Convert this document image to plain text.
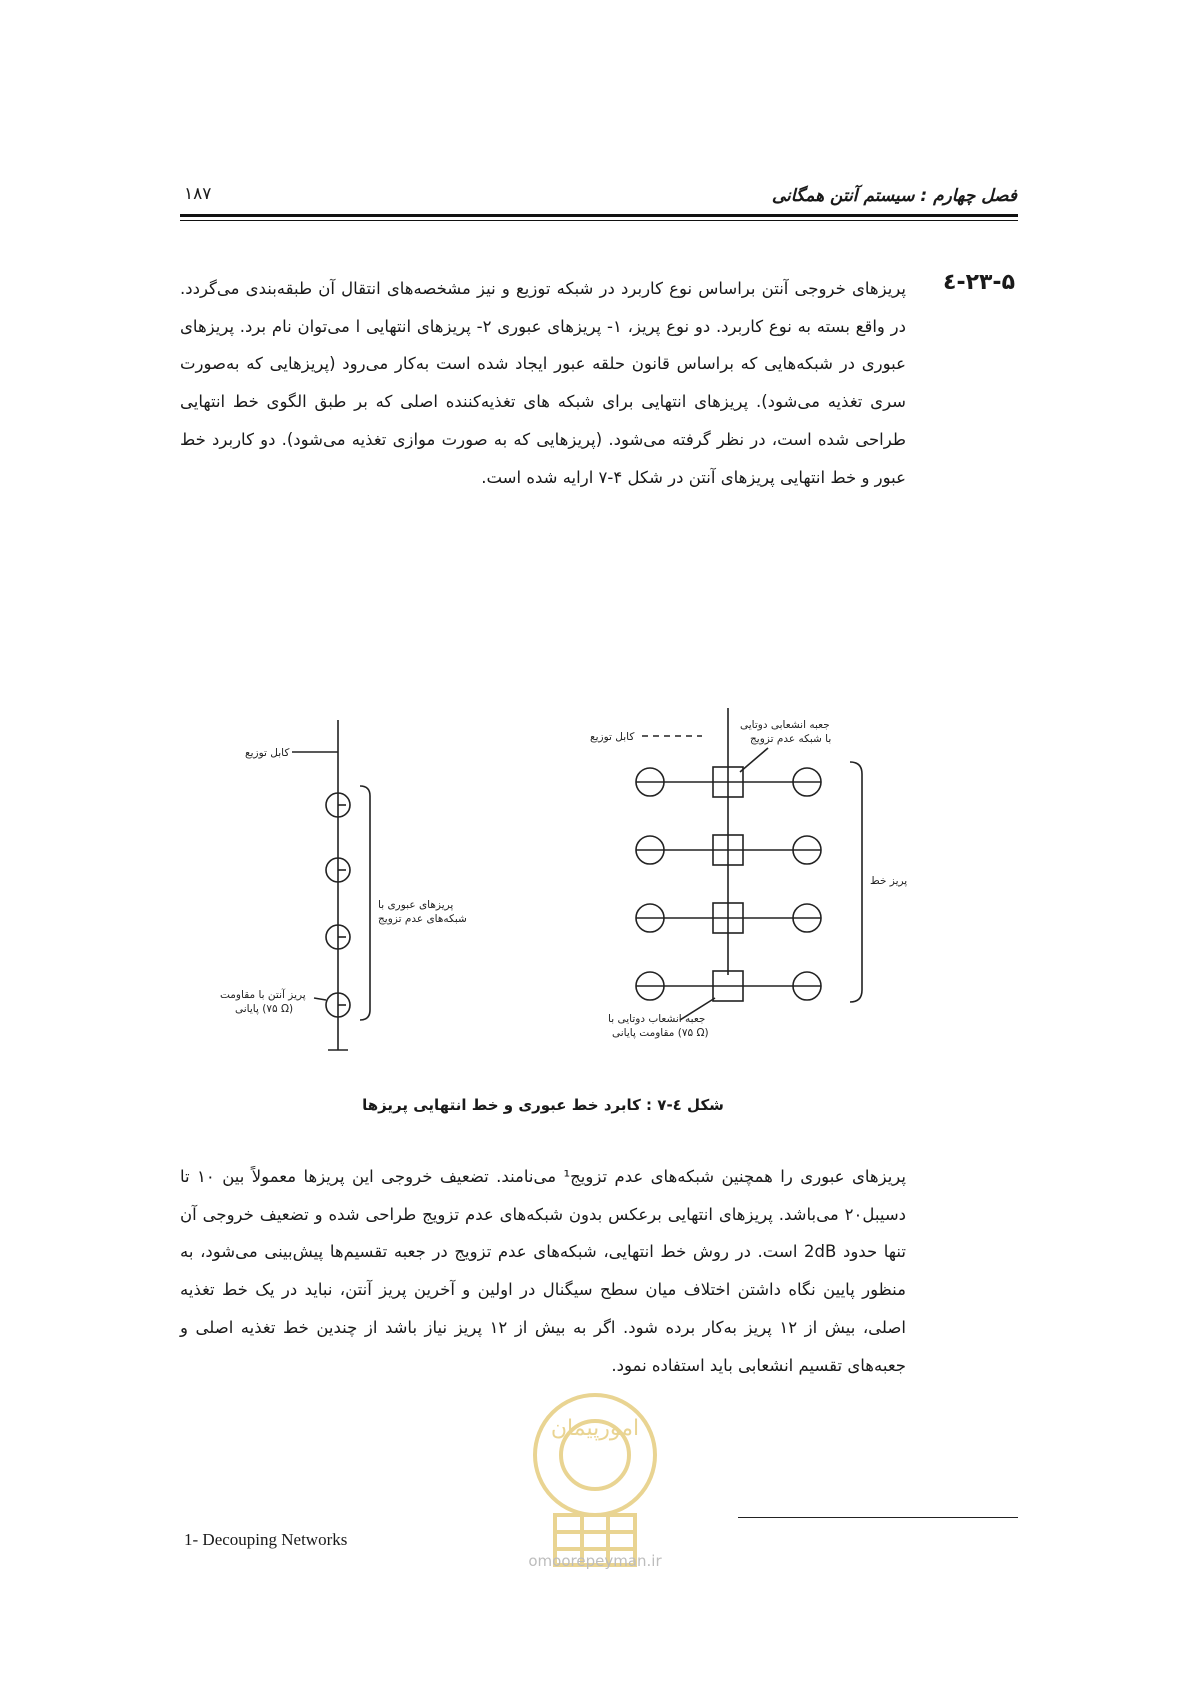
فصل چهارم : سیستم آنتن همگانی
۱۸۷
۲۳-۵-٤
پریزهای خروجی آنتن براساس نوع کاربرد در شبکه توزیع و نیز مشخصه‌های انتقال آن طبقه‌بندی می‌گردد. در واقع بسته به نوع کاربرد. دو نوع پریز، ۱- پریزهای عبوری ۲- پریزهای انتهایی ا می‌توان نام برد. پریزهای عبوری در شبکه‌هایی که براساس قانون حلقه عبور ایجاد شده است به‌کار می‌رود (پریزهایی که به‌صورت سری تغذیه می‌شود). پریزهای انتهایی برای شبکه های تغذیه‌کننده اصلی که بر طبق الگوی خط انتهایی طراحی شده است، در نظر گرفته می‌شود. (پریزهایی که به صورت موازی تغذیه می‌شود). دو کاربرد خط عبور و خط انتهایی پریزهای آنتن در شکل ۴-۷ ارایه شده است.
کابل توزیع
پریزهای عبوری با
شبکه‌های عدم تزویج
پریز آنتن با مقاومت
پایانی (۷۵ Ω)
کابل توزیع
جعبه انشعابی دوتایی
با شبکه عدم تزویج
پریز خط
جعبه انشعاب دوتایی با
مقاومت پایانی (۷۵ Ω)
شکل ٤-۷ : کابرد خط عبوری و خط انتهایی پریزها
پریزهای عبوری را همچنین شبکه‌های عدم تزویج¹ می‌نامند. تضعیف خروجی این پریزها معمولاً بین ۱۰ تا دسیبل۲۰ می‌باشد. پریزهای انتهایی برعکس بدون شبکه‌های عدم تزویج طراحی شده و تضعیف خروجی آن تنها حدود 2dB است. در روش خط انتهایی، شبکه‌های عدم تزویج در جعبه تقسیم‌ها پیش‌بینی می‌شود، به منظور پایین نگاه داشتن اختلاف میان سطح سیگنال در اولین و آخرین پریز آنتن، نباید در یک خط تغذیه اصلی، بیش از ۱۲ پریز به‌کار برده شود. اگر به بیش از ۱۲ پریز نیاز باشد از چندین خط تغذیه اصلی و جعبه‌های تقسیم انشعابی باید استفاده نمود.
امورپیمان
omoorepeyman.ir
1- Decouping Networks
